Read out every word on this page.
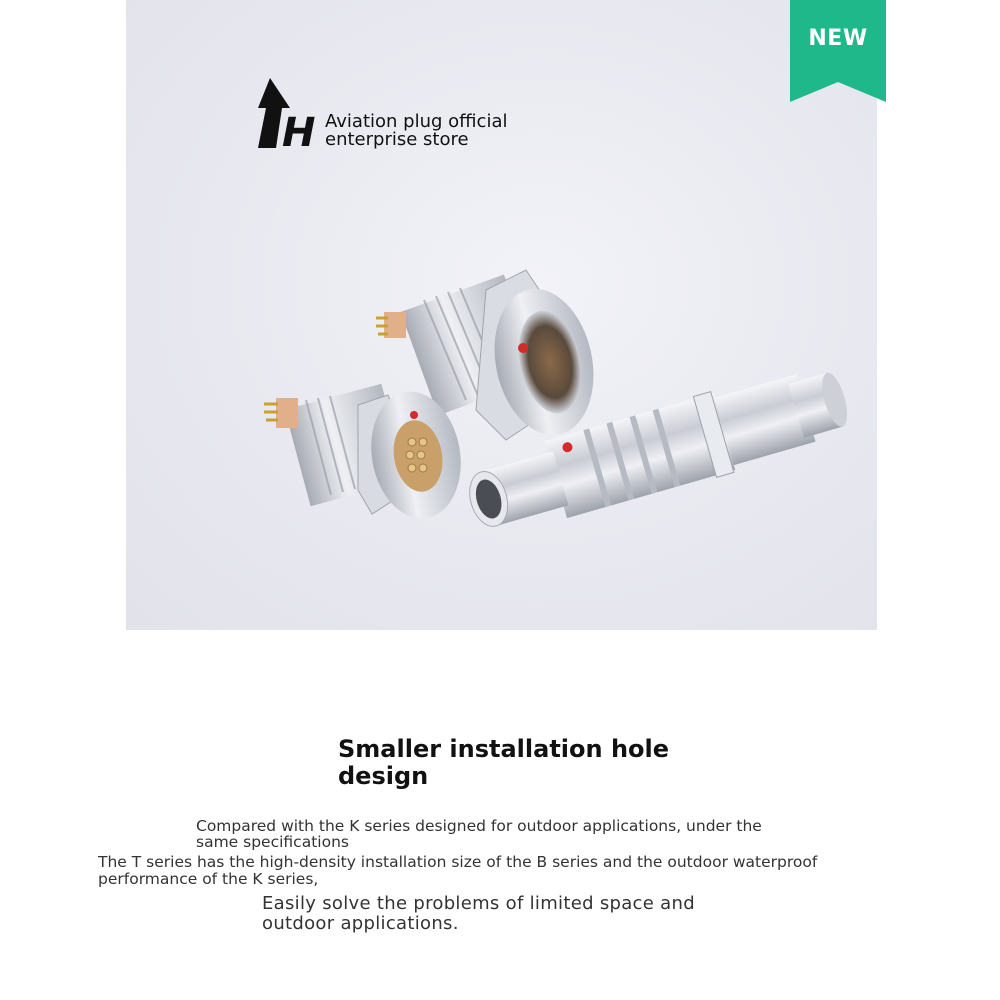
NEW
H Aviation plug official
enterprise store
Smaller installation hole
design
Compared with the K series designed for outdoor applications, under the
same specifications
The T series has the high-density installation size of the B series and the outdoor waterproof
performance of the K series,
Easily solve the problems of limited space and
outdoor applications.
